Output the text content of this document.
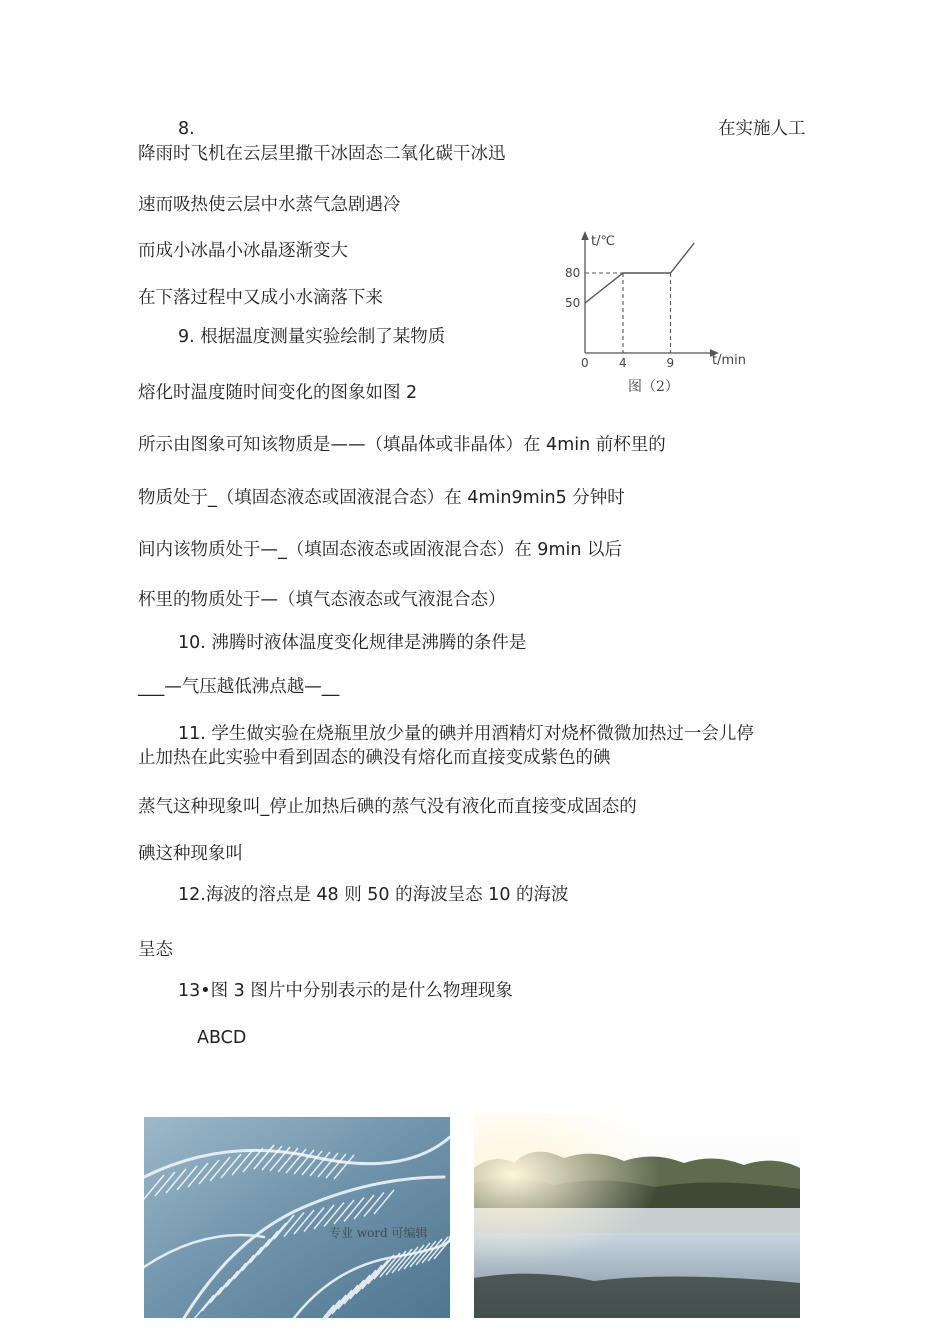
8.	在实施人工
降雨时飞机在云层里撒干冰固态二氧化碳干冰迅
速而吸热使云层中水蒸气急剧遇冷
而成小冰晶小冰晶逐渐变大
在下落过程中又成小水滴落下来
9. 根据温度测量实验绘制了某物质
熔化时温度随时间变化的图象如图 2
所示由图象可知该物质是——（填晶体或非晶体）在 4min 前杯里的
物质处于_（填固态液态或固液混合态）在 4min9min5 分钟时
间内该物质处于—_（填固态液态或固液混合态）在 9min 以后
杯里的物质处于—（填气态液态或气液混合态）
10. 沸腾时液体温度变化规律是沸腾的条件是
___—气压越低沸点越—__
11. 学生做实验在烧瓶里放少量的碘并用酒精灯对烧杯微微加热过一会儿停
止加热在此实验中看到固态的碘没有熔化而直接变成紫色的碘
蒸气这种现象叫_停止加热后碘的蒸气没有液化而直接变成固态的
碘这种现象叫
12.海波的溶点是 48 则 50 的海波呈态 10 的海波
呈态
13•图 3 图片中分别表示的是什么物理现象
ABCD
t/℃
t/min
0	4	9
50
80
图（2）
专业 word 可编辑
